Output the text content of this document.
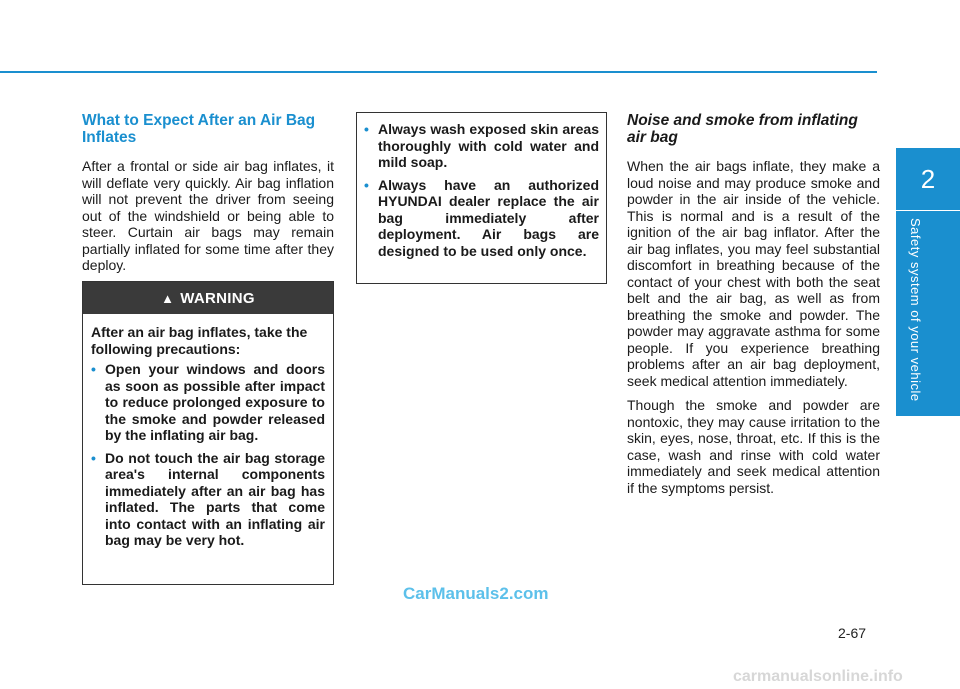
2
Safety system of your vehicle
What to Expect After an Air Bag Inflates

After a frontal or side air bag inflates, it will deflate very quickly. Air bag inflation will not prevent the driver from seeing out of the windshield or being able to steer. Curtain air bags may remain partially inflated for some time after they deploy.

▲ WARNING

After an air bag inflates, take the following precautions:

• Open your windows and doors as soon as possible after impact to reduce prolonged exposure to the smoke and powder released by the inflating air bag.
• Do not touch the air bag storage area's internal components immediately after an air bag has inflated. The parts that come into contact with an inflating air bag may be very hot.
• Always wash exposed skin areas thoroughly with cold water and mild soap.
• Always have an authorized HYUNDAI dealer replace the air bag immediately after deployment. Air bags are designed to be used only once.
Noise and smoke from inflating air bag

When the air bags inflate, they make a loud noise and may produce smoke and powder in the air inside of the vehicle. This is normal and is a result of the ignition of the air bag inflator. After the air bag inflates, you may feel substantial discomfort in breathing because of the contact of your chest with both the seat belt and the air bag, as well as from breathing the smoke and powder. The powder may aggravate asthma for some people. If you experience breathing problems after an air bag deployment, seek medical attention immediately.

Though the smoke and powder are nontoxic, they may cause irritation to the skin, eyes, nose, throat, etc. If this is the case, wash and rinse with cold water immediately and seek medical attention if the symptoms persist.

CarManuals2.com
2-67
carmanualsonline.info
